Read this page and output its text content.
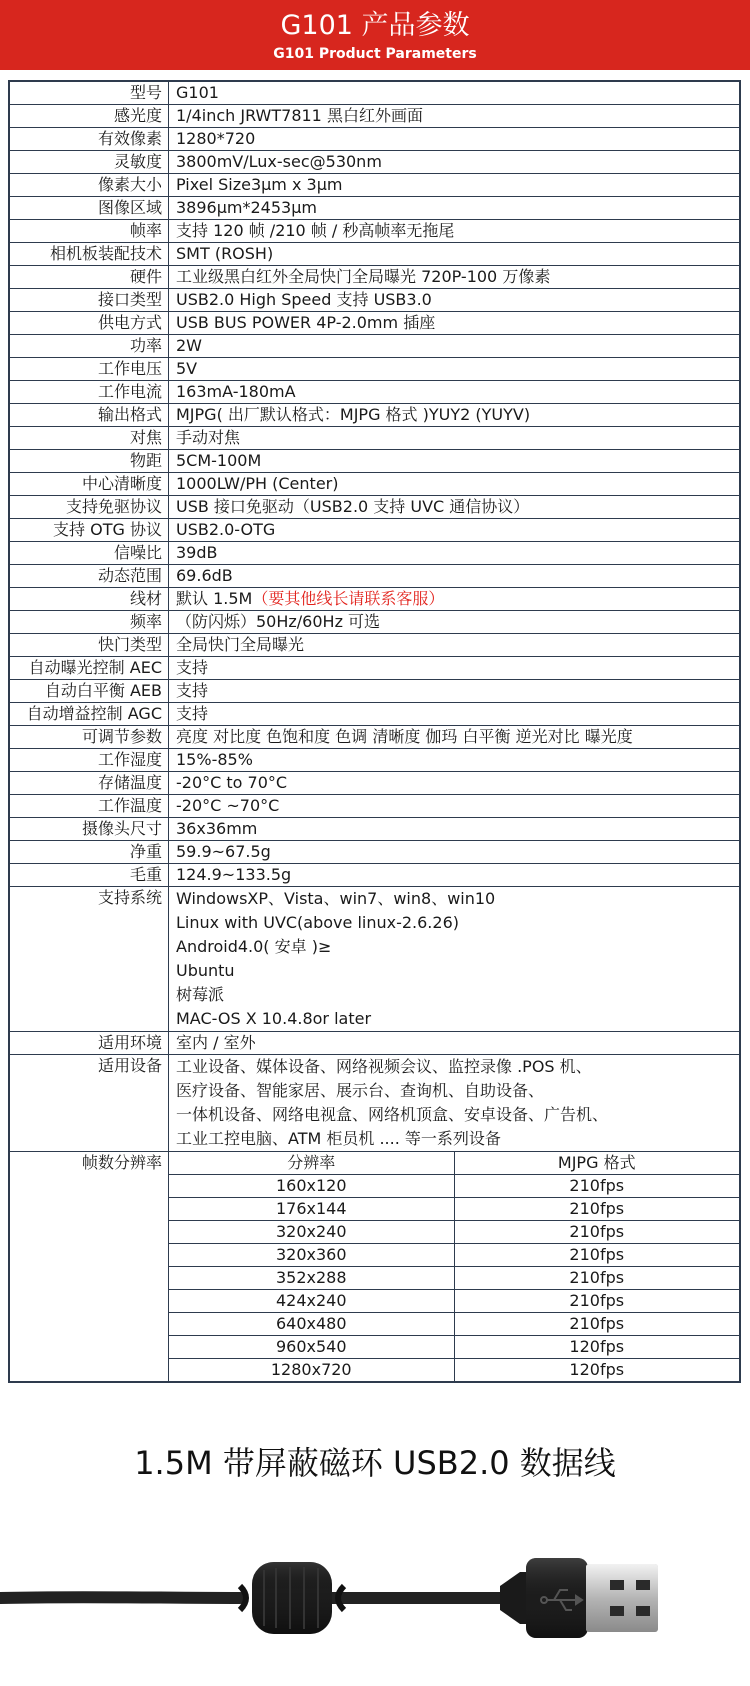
G101 产品参数
G101 Product Parameters
型号	G101
感光度	1/4inch JRWT7811 黑白红外画面
有效像素	1280*720
灵敏度	3800mV/Lux-sec@530nm
像素大小	Pixel Size3μm x 3μm
图像区域	3896μm*2453μm
帧率	支持 120 帧 /210 帧 / 秒高帧率无拖尾
相机板装配技术	SMT (ROSH)
硬件	工业级黑白红外全局快门全局曝光 720P-100 万像素
接口类型	USB2.0 High Speed 支持 USB3.0
供电方式	USB BUS POWER 4P-2.0mm 插座
功率	2W
工作电压	5V
工作电流	163mA-180mA
输出格式	MJPG( 出厂默认格式：MJPG 格式 )YUY2 (YUYV)
对焦	手动对焦
物距	5CM-100M
中心清晰度	1000LW/PH (Center)
支持免驱协议	USB 接口免驱动（USB2.0 支持 UVC 通信协议）
支持 OTG 协议	USB2.0-OTG
信噪比	39dB
动态范围	69.6dB
线材	默认 1.5M（要其他线长请联系客服）
频率	（防闪烁）50Hz/60Hz 可选
快门类型	全局快门全局曝光
自动曝光控制 AEC	支持
自动白平衡 AEB	支持
自动增益控制 AGC	支持
可调节参数	亮度 对比度 色饱和度 色调 清晰度 伽玛 白平衡 逆光对比 曝光度
工作湿度	15%-85%
存储温度	-20°C to 70°C
工作温度	-20°C ~70°C
摄像头尺寸	36x36mm
净重	59.9~67.5g
毛重	124.9~133.5g
支持系统	WindowsXP、Vista、win7、win8、win10
Linux with UVC(above linux-2.6.26)
Android4.0( 安卓 )≥
Ubuntu
树莓派
MAC-OS X 10.4.8or later

适用环境	室内 / 室外
适用设备	工业设备、媒体设备、网络视频会议、监控录像 .POS 机、
医疗设备、智能家居、展示台、查询机、自助设备、
一体机设备、网络电视盒、网络机顶盒、安卓设备、广告机、
工业工控电脑、ATM 柜员机 .... 等一系列设备

帧数分辨率		分辨率	MJPG 格式
160x120	210fps
176x144	210fps
320x240	210fps
320x360	210fps
352x288	210fps
424x240	210fps
640x480	210fps
960x540	120fps
1280x720	120fps
1.5M 带屏蔽磁环 USB2.0 数据线
